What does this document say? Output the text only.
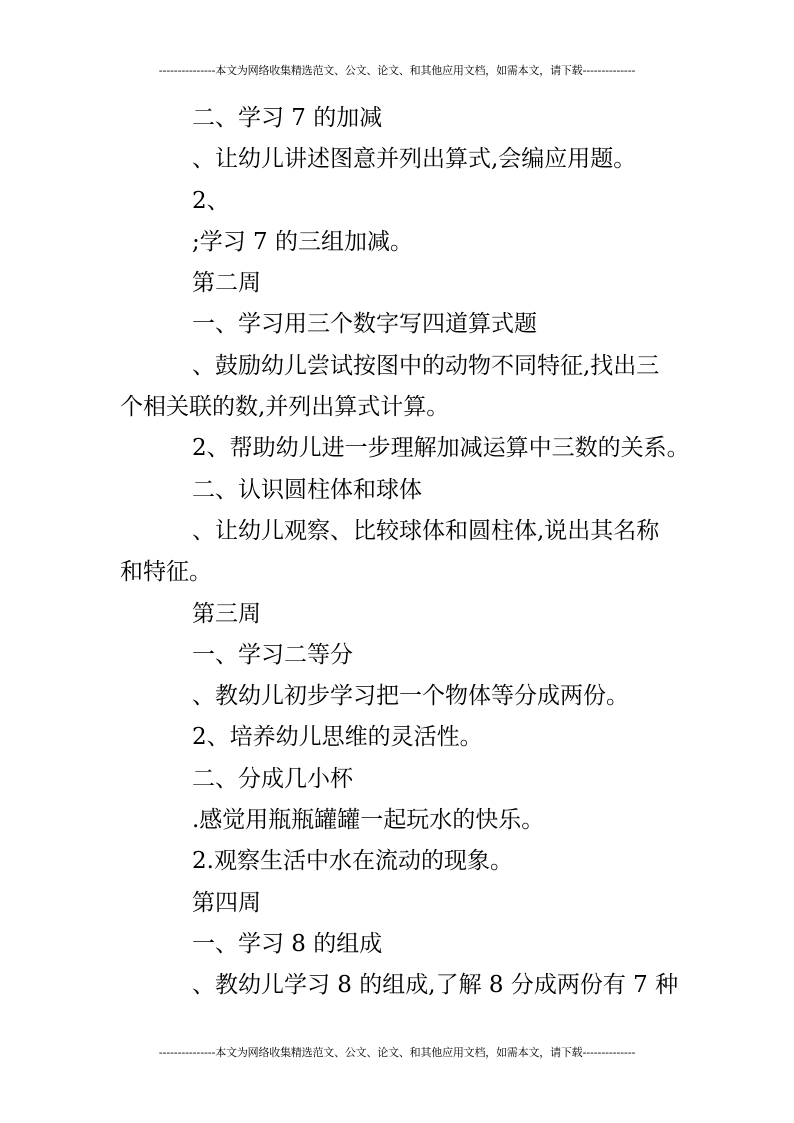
---------------本文为网络收集精选范文、公文、论文、和其他应用文档，如需本文，请下载--------------

二、学习 7 的加减

、让幼儿讲述图意并列出算式,会编应用题。

2、

;学习 7 的三组加减。

第二周

一、学习用三个数字写四道算式题

、鼓励幼儿尝试按图中的动物不同特征,找出三

个相关联的数,并列出算式计算。

2、帮助幼儿进一步理解加减运算中三数的关系。

二、认识圆柱体和球体

、让幼儿观察、比较球体和圆柱体,说出其名称

和特征。

第三周

一、学习二等分

、教幼儿初步学习把一个物体等分成两份。

2、培养幼儿思维的灵活性。

二、分成几小杯

.感觉用瓶瓶罐罐一起玩水的快乐。

2.观察生活中水在流动的现象。

第四周

一、学习 8 的组成

、教幼儿学习 8 的组成,了解 8 分成两份有 7 种

---------------本文为网络收集精选范文、公文、论文、和其他应用文档，如需本文，请下载--------------
